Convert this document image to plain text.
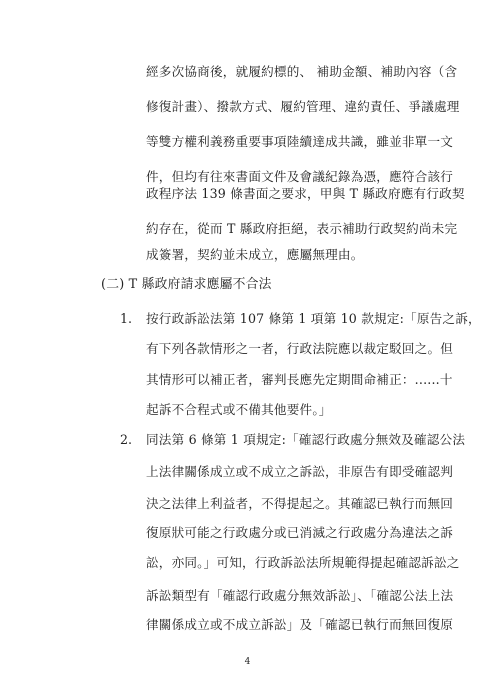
經多次協商後，就履約標的、 補助金額、補助內容（含
修復計畫）、撥款方式、履約管理、違約責任、爭議處理
等雙方權利義務重要事項陸續達成共識，雖並非單一文
件，但均有往來書面文件及會議紀錄為憑，應符合該行
政程序法 139 條書面之要求，甲與 T 縣政府應有行政契
約存在，從而 T 縣政府拒絕，表示補助行政契約尚未完
成簽署，契約並未成立，應屬無理由。
(二) T 縣政府請求應屬不合法
1. 按行政訴訟法第 107 條第 1 項第 10 款規定:「原告之訴，
有下列各款情形之一者，行政法院應以裁定駁回之。但
其情形可以補正者，審判長應先定期間命補正：......十
起訴不合程式或不備其他要件。」
2. 同法第 6 條第 1 項規定:「確認行政處分無效及確認公法
上法律關係成立或不成立之訴訟，非原告有即受確認判
決之法律上利益者，不得提起之。其確認已執行而無回
復原狀可能之行政處分或已消滅之行政處分為違法之訴
訟，亦同。」可知，行政訴訟法所規範得提起確認訴訟之
訴訟類型有「確認行政處分無效訴訟」、「確認公法上法
律關係成立或不成立訴訟」及「確認已執行而無回復原
4
